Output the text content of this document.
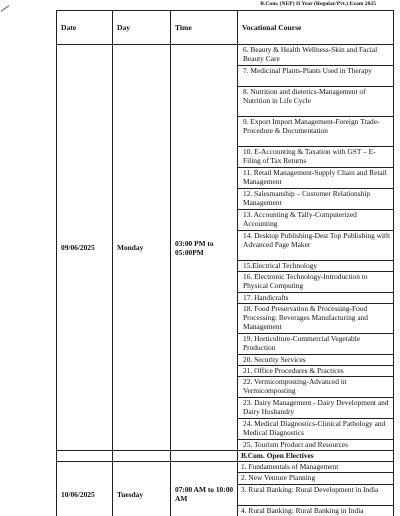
B.Com. (NEP) II Year (Regular/Pvt.) Exam 2025
Date	Day	Time	Vocational Course
09/06/2025	Monday	03:00 PM to 05:00PM	6. Beauty & Health Wellness-Skin and Facial Beauty Care
			7. Medicinal Plants-Plants Used in Therapy
			8. Nutrition and dietetics-Management of Nutrition in Life Cycle
			9. Export Import Management-Foreign Trade-Procedure & Documentation
			10. E-Accounting & Taxation with GST – E-Filing of Tax Returns
			11. Retail Management-Supply Chain and Retail Management
			12. Salesmanship – Customer Relationship Management
			13. Accounting & Tally-Computerized Accounting
			14. Desktop Publishing-Dest Top Publishing with Advanced Page Maker
			15.Electrical Technology
			16. Electronic Technology-Introduction to Physical Computing
			17. Handicrafts
			18. Food Preservation & Processing-Food Processing: Beverages Manufacturing and Management
			19. Horticulture-Commercial Vegetable Production
			20. Security Services
			21. Office Procedures & Practices
			22. Vermicomposting-Advanced in Vermicomposting
			23. Dairy Management - Dairy Development and Dairy Husbandry
			24. Medical Diagnostics-Clinical Pathology and Medical Diagnostics
			25. Tourism Product and Resources
			B.Com. Open Electives
10/06/2025	Tuesday	07:00 AM to 10:00 AM	1. Fundamentals of Management
			2. New Venture Planning
			3. Rural Banking: Rural Development in India
			4. Rural Banking: Rural Banking in India
